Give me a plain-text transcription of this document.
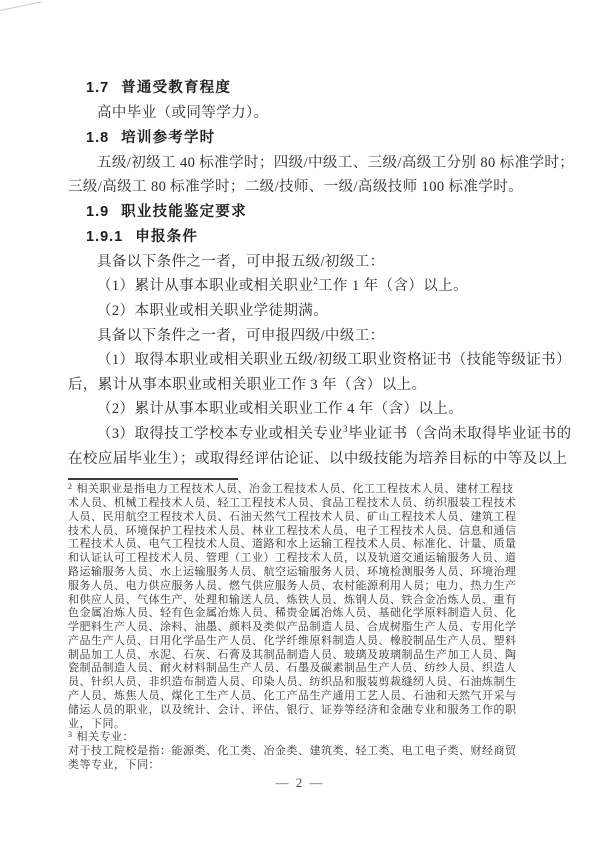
1.7 普通受教育程度
高中毕业（或同等学力）。
1.8 培训参考学时
五级/初级工 40 标准学时；四级/中级工、三级/高级工分别 80 标准学时；
三级/高级工 80 标准学时；二级/技师、一级/高级技师 100 标准学时。
1.9 职业技能鉴定要求
1.9.1 申报条件
具备以下条件之一者，可申报五级/初级工：
（1）累计从事本职业或相关职业$^2$工作 1 年（含）以上。
（2）本职业或相关职业学徒期满。
具备以下条件之一者，可申报四级/中级工：
（1）取得本职业或相关职业五级/初级工职业资格证书（技能等级证书）
后，累计从事本职业或相关职业工作 3 年（含）以上。
（2）累计从事本职业或相关职业工作 4 年（含）以上。
（3）取得技工学校本专业或相关专业$^3$毕业证书（含尚未取得毕业证书的
在校应届毕业生）；或取得经评估论证、以中级技能为培养目标的中等及以上
$^2$ 相关职业是指电力工程技术人员、冶金工程技术人员、化工工程技术人员、建材工程技
术人员、机械工程技术人员、轻工工程技术人员、食品工程技术人员、纺织服装工程技术
人员、民用航空工程技术人员、石油天然气工程技术人员、矿山工程技术人员、建筑工程
技术人员、环境保护工程技术人员、林业工程技术人员、电子工程技术人员、信息和通信
工程技术人员、电气工程技术人员、道路和水上运输工程技术人员、标准化、计量、质量
和认证认可工程技术人员、管理（工业）工程技术人员，以及轨道交通运输服务人员、道
路运输服务人员、水上运输服务人员、航空运输服务人员、环境检测服务人员、环境治理
服务人员、电力供应服务人员、燃气供应服务人员、农村能源利用人员；电力、热力生产
和供应人员、气体生产、处理和输送人员、炼铁人员、炼钢人员、铁合金冶炼人员、重有
色金属冶炼人员、轻有色金属冶炼人员、稀贵金属冶炼人员、基础化学原料制造人员、化
学肥料生产人员、涂料、油墨、颜料及类似产品制造人员、合成树脂生产人员、专用化学
产品生产人员、日用化学品生产人员、化学纤维原料制造人员、橡胶制品生产人员、塑料
制品加工人员、水泥、石灰、石膏及其制品制造人员、玻璃及玻璃制品生产加工人员、陶
瓷制品制造人员、耐火材料制品生产人员、石墨及碳素制品生产人员、纺纱人员、织造人
员、针织人员、非织造布制造人员、印染人员、纺织品和服装剪裁缝纫人员、石油炼制生
产人员、炼焦人员、煤化工生产人员、化工产品生产通用工艺人员、石油和天然气开采与
储运人员的职业，以及统计、会计、评估、银行、证券等经济和金融专业和服务工作的职
业，下同。
$^3$ 相关专业：
对于技工院校是指：能源类、化工类、冶金类、建筑类、轻工类、电工电子类、财经商贸
类等专业，下同：
— 2 —
